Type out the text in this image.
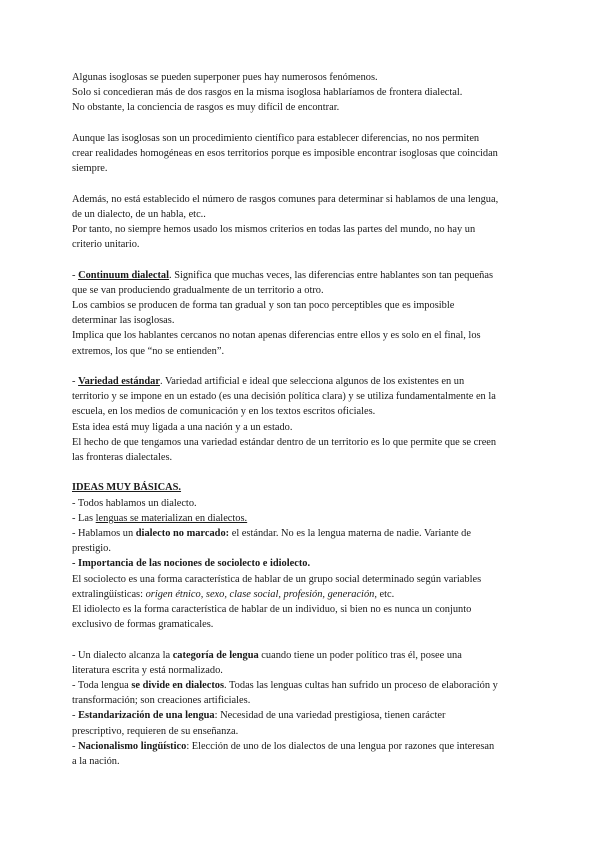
Algunas isoglosas se pueden superponer pues hay numerosos fenómenos.
Solo si concedieran más de dos rasgos en la misma isoglosa hablaríamos de frontera dialectal.
No obstante, la conciencia de rasgos es muy difícil de encontrar.
Aunque las isoglosas son un procedimiento científico para establecer diferencias, no nos permiten
crear realidades homogéneas en esos territorios porque es imposible encontrar isoglosas que coincidan
siempre.
Además, no está establecido el número de rasgos comunes para determinar si hablamos de una lengua,
de un dialecto, de un habla, etc..
Por tanto, no siempre hemos usado los mismos criterios en todas las partes del mundo, no hay un
criterio unitario.
- Continuum dialectal. Significa que muchas veces, las diferencias entre hablantes son tan pequeñas
que se van produciendo gradualmente de un territorio a otro.
Los cambios se producen de forma tan gradual y son tan poco perceptibles que es imposible
determinar las isoglosas.
Implica que los hablantes cercanos no notan apenas diferencias entre ellos y es solo en el final, los
extremos, los que “no se entienden”.
- Variedad estándar. Variedad artificial e ideal que selecciona algunos de los existentes en un
territorio y se impone en un estado (es una decisión política clara) y se utiliza fundamentalmente en la
escuela, en los medios de comunicación y en los textos escritos oficiales.
Esta idea está muy ligada a una nación y a un estado.
El hecho de que tengamos una variedad estándar dentro de un territorio es lo que permite que se creen
las fronteras dialectales.
IDEAS MUY BÁSICAS.
- Todos hablamos un dialecto.
- Las lenguas se materializan en dialectos.
- Hablamos un dialecto no marcado: el estándar. No es la lengua materna de nadie. Variante de
prestigio.
- Importancia de las nociones de sociolecto e idiolecto.
El sociolecto es una forma característica de hablar de un grupo social determinado según variables
extralingüísticas: origen étnico, sexo, clase social, profesión, generación, etc.
El idiolecto es la forma característica de hablar de un individuo, si bien no es nunca un conjunto
exclusivo de formas gramaticales.
- Un dialecto alcanza la categoría de lengua cuando tiene un poder político tras él, posee una
literatura escrita y está normalizado.
- Toda lengua se divide en dialectos. Todas las lenguas cultas han sufrido un proceso de elaboración y
transformación; son creaciones artificiales.
- Estandarización de una lengua: Necesidad de una variedad prestigiosa, tienen carácter
prescriptivo, requieren de su enseñanza.
- Nacionalismo lingüístico: Elección de uno de los dialectos de una lengua por razones que interesan
a la nación.
